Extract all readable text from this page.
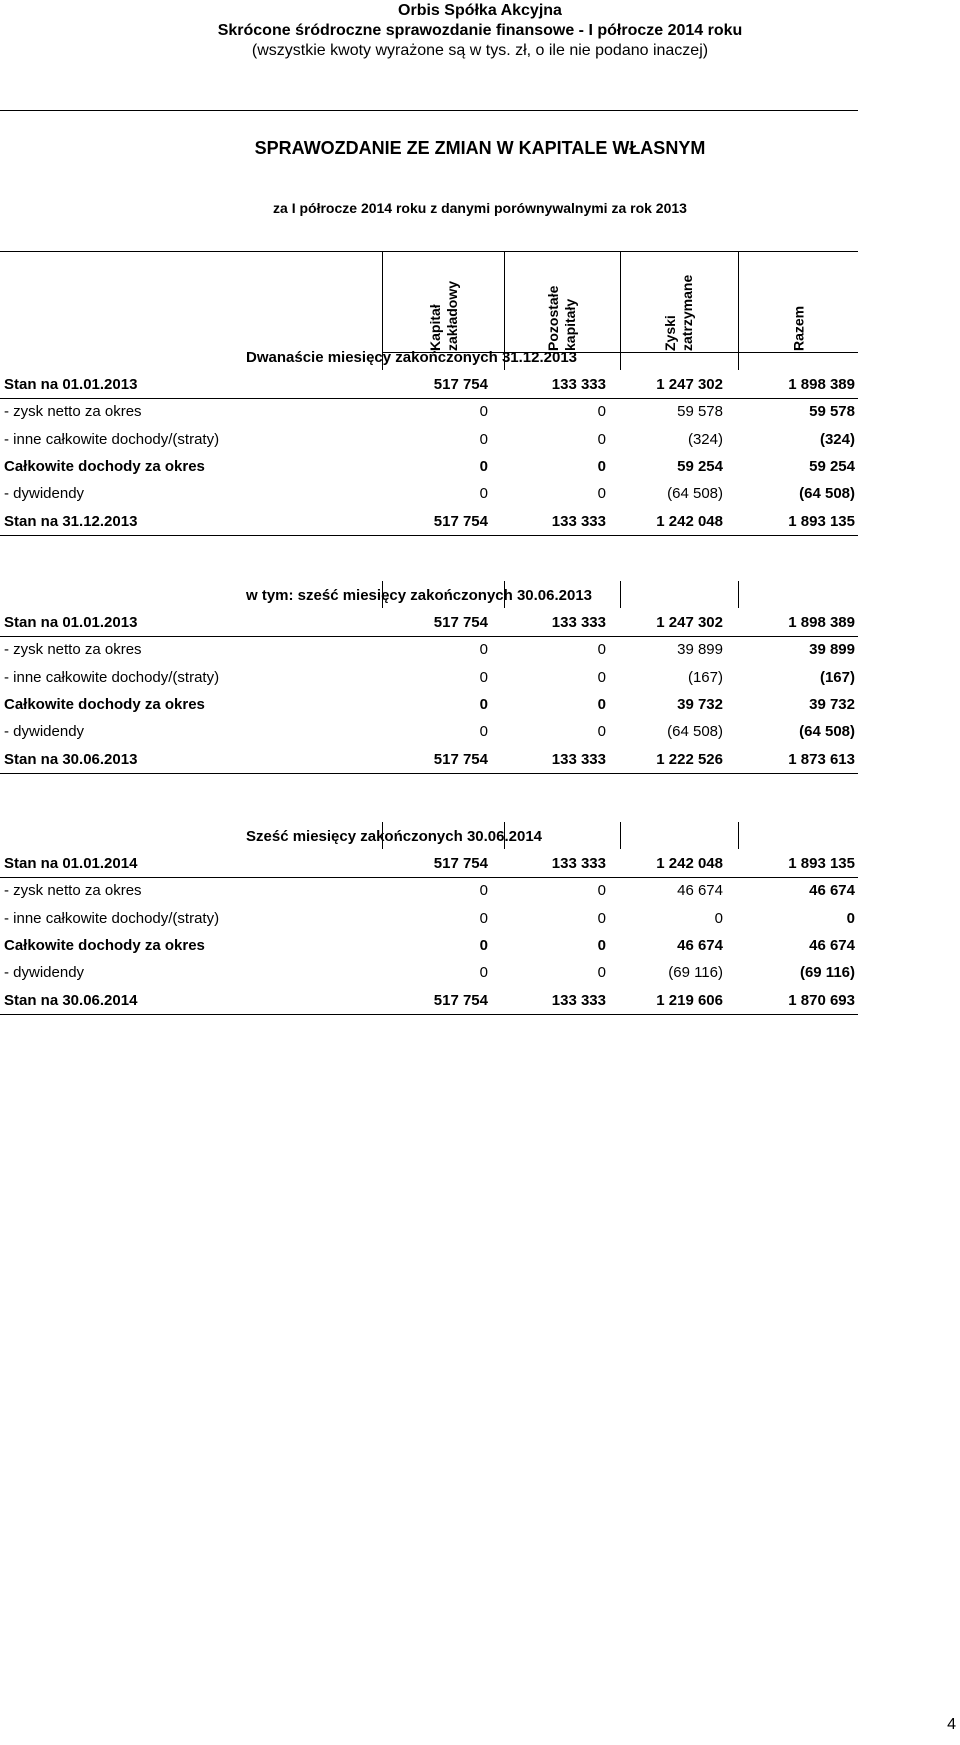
Orbis Spółka Akcyjna
Skrócone śródroczne sprawozdanie finansowe - I półrocze 2014 roku
(wszystkie kwoty wyrażone są w tys. zł, o ile nie podano inaczej)
SPRAWOZDANIE ZE ZMIAN W KAPITALE WŁASNYM
za I półrocze 2014 roku z danymi porównywalnymi za rok 2013
Kapitał zakładowy	Pozostałe kapitały	Zyski zatrzymane	Razem
Dwanaście miesięcy zakończonych 31.12.2013
Stan na 01.01.2013	517 754	133 333	1 247 302	1 898 389
- zysk netto za okres	0	0	59 578	59 578
- inne całkowite dochody/(straty)	0	0	(324)	(324)
Całkowite dochody za okres	0	0	59 254	59 254
- dywidendy	0	0	(64 508)	(64 508)
Stan na 31.12.2013	517 754	133 333	1 242 048	1 893 135
w tym: sześć miesięcy zakończonych 30.06.2013
Stan na 01.01.2013	517 754	133 333	1 247 302	1 898 389
- zysk netto za okres	0	0	39 899	39 899
- inne całkowite dochody/(straty)	0	0	(167)	(167)
Całkowite dochody za okres	0	0	39 732	39 732
- dywidendy	0	0	(64 508)	(64 508)
Stan na 30.06.2013	517 754	133 333	1 222 526	1 873 613
Sześć miesięcy zakończonych 30.06.2014
Stan na 01.01.2014	517 754	133 333	1 242 048	1 893 135
- zysk netto za okres	0	0	46 674	46 674
- inne całkowite dochody/(straty)	0	0	0	0
Całkowite dochody za okres	0	0	46 674	46 674
- dywidendy	0	0	(69 116)	(69 116)
Stan na 30.06.2014	517 754	133 333	1 219 606	1 870 693
4
